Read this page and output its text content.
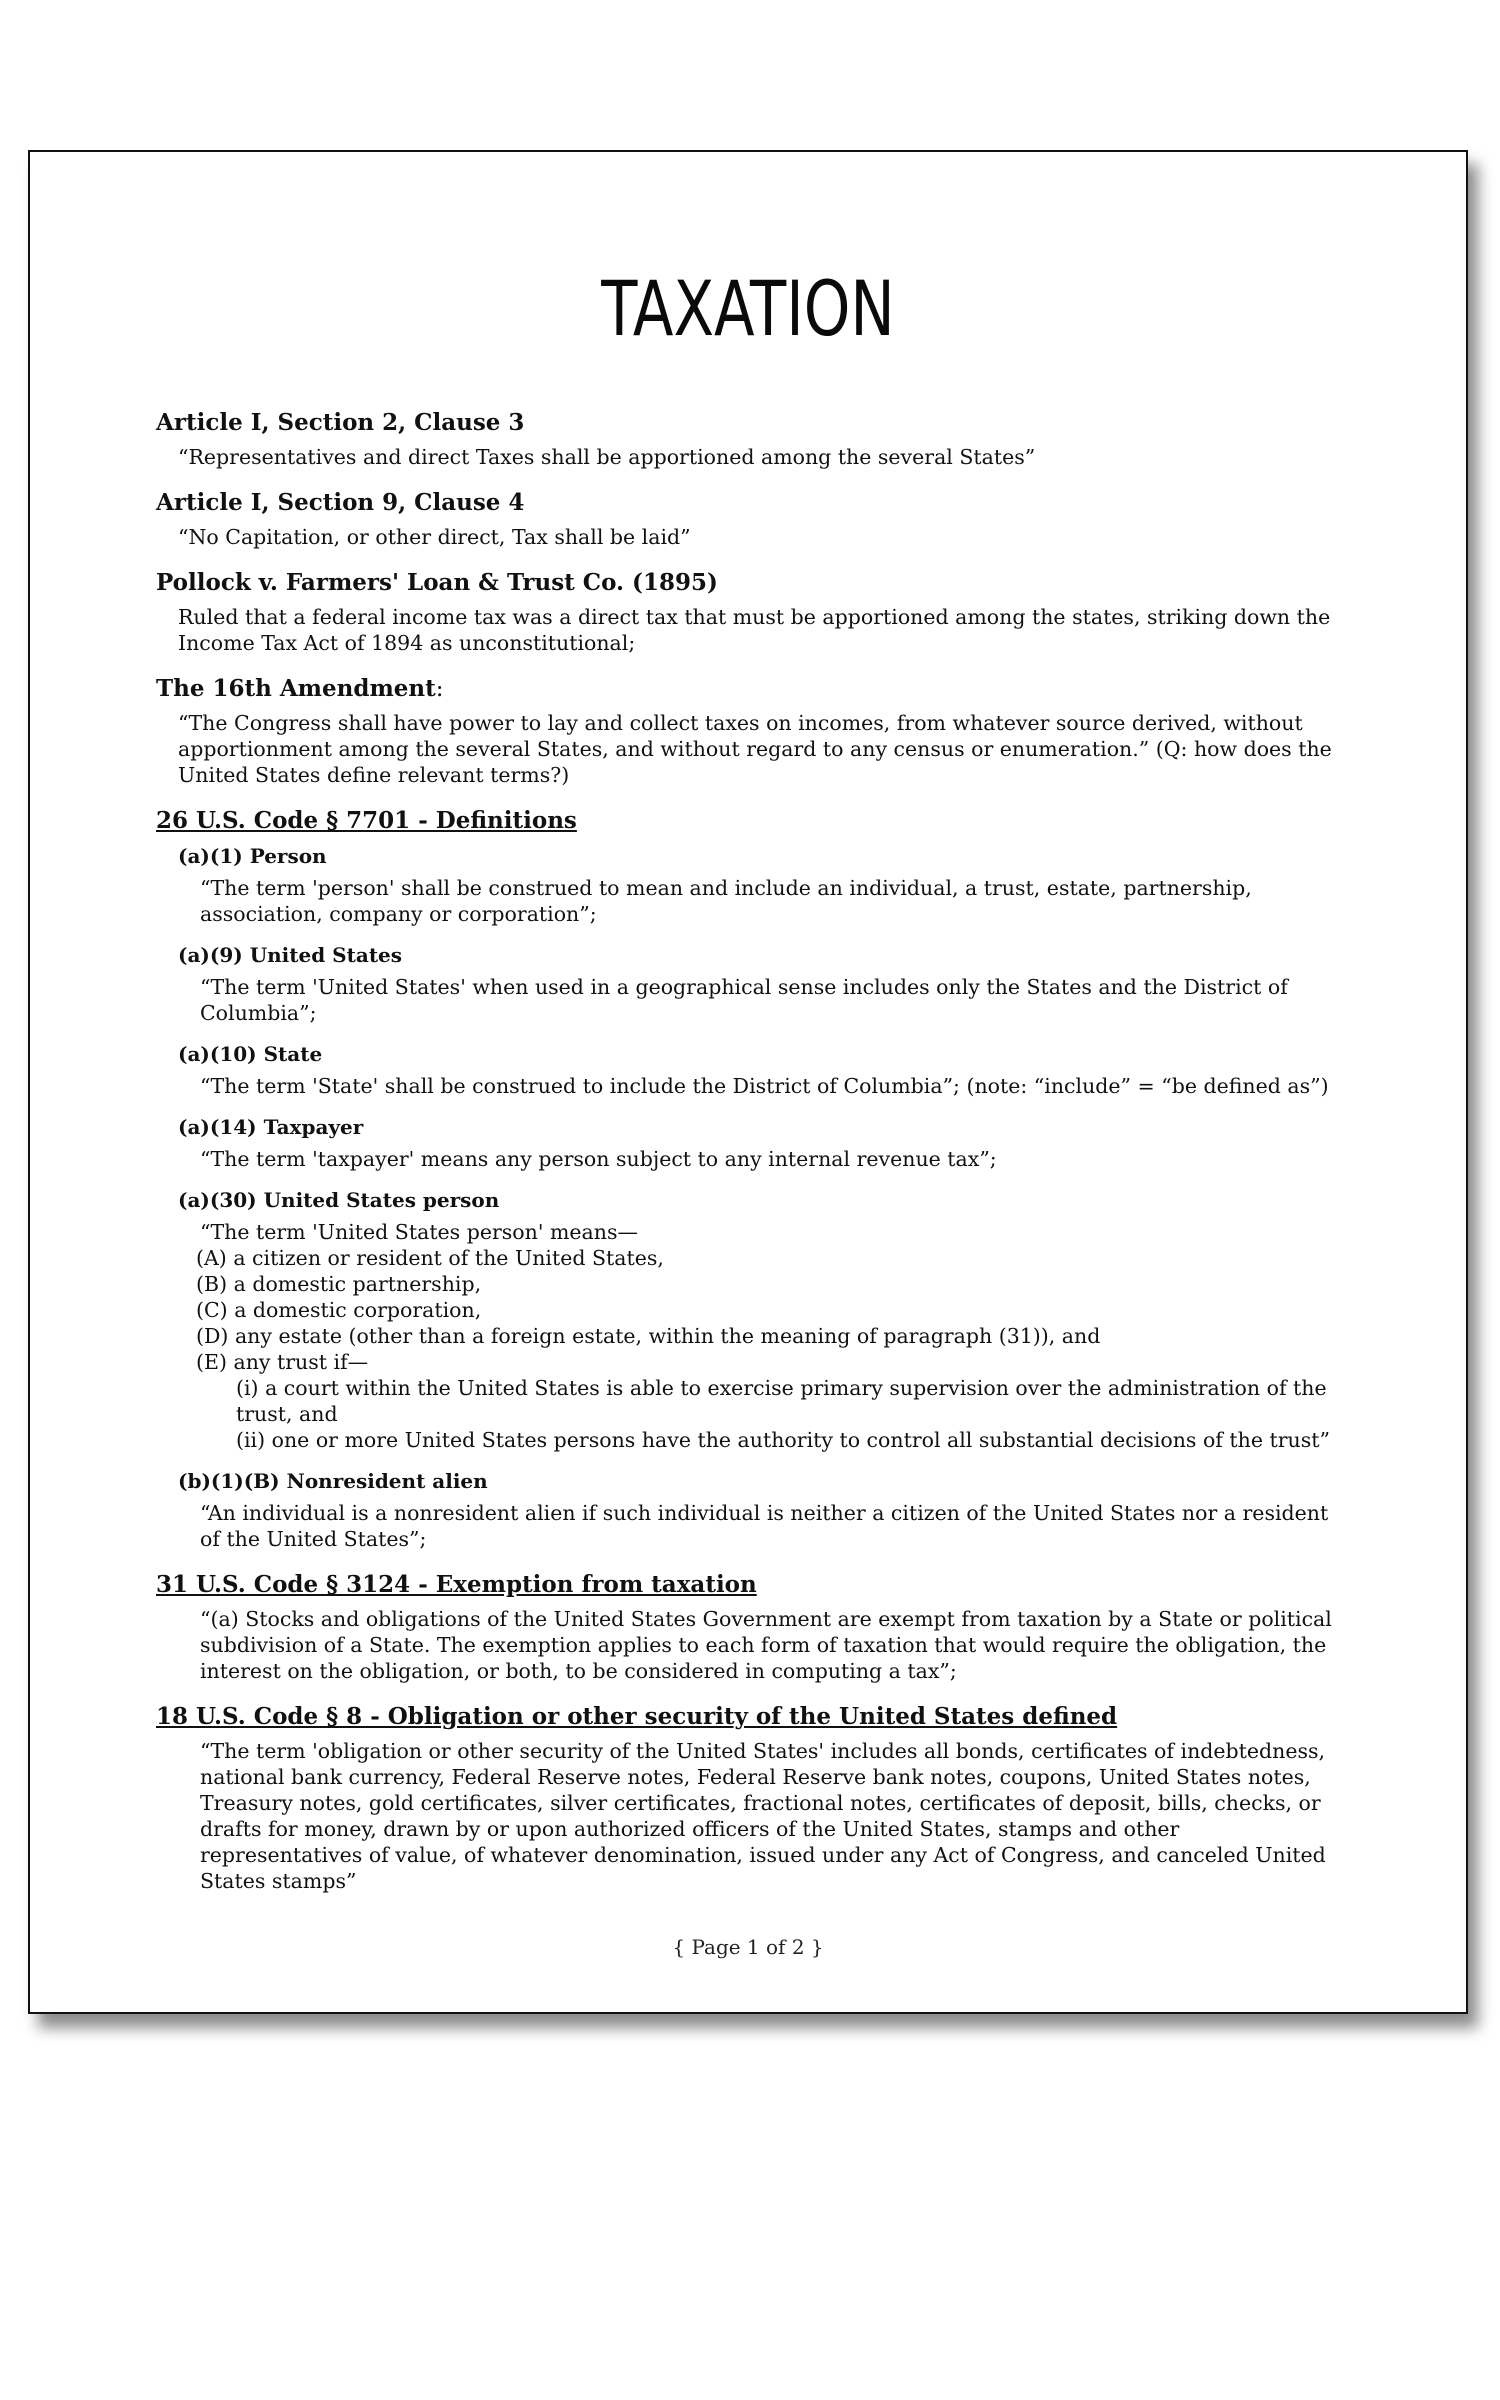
TAXATION

Article I, Section 2, Clause 3

“Representatives and direct Taxes shall be apportioned among the several States”

Article I, Section 9, Clause 4

“No Capitation, or other direct, Tax shall be laid”

Pollock v. Farmers' Loan & Trust Co. (1895)

Ruled that a federal income tax was a direct tax that must be apportioned among the states, striking down the Income Tax Act of 1894 as unconstitutional;

The 16th Amendment:

“The Congress shall have power to lay and collect taxes on incomes, from whatever source derived, without apportionment among the several States, and without regard to any census or enumeration.” (Q: how does the United States define relevant terms?)

26 U.S. Code § 7701 - Definitions

(a)(1) Person

“The term 'person' shall be construed to mean and include an individual, a trust, estate, partnership, association, company or corporation”;

(a)(9) United States

“The term 'United States' when used in a geographical sense includes only the States and the District of Columbia”;

(a)(10) State

“The term 'State' shall be construed to include the District of Columbia”; (note: “include” = “be defined as”)

(a)(14) Taxpayer

“The term 'taxpayer' means any person subject to any internal revenue tax”;

(a)(30) United States person

“The term 'United States person' means—

(A) a citizen or resident of the United States,

(B) a domestic partnership,

(C) a domestic corporation,

(D) any estate (other than a foreign estate, within the meaning of paragraph (31)), and

(E) any trust if—

(i) a court within the United States is able to exercise primary supervision over the administration of the trust, and

(ii) one or more United States persons have the authority to control all substantial decisions of the trust”

(b)(1)(B) Nonresident alien

“An individual is a nonresident alien if such individual is neither a citizen of the United States nor a resident of the United States”;

31 U.S. Code § 3124 - Exemption from taxation

“(a) Stocks and obligations of the United States Government are exempt from taxation by a State or political subdivision of a State. The exemption applies to each form of taxation that would require the obligation, the interest on the obligation, or both, to be considered in computing a tax”;

18 U.S. Code § 8 - Obligation or other security of the United States defined

“The term 'obligation or other security of the United States' includes all bonds, certificates of indebtedness, national bank currency, Federal Reserve notes, Federal Reserve bank notes, coupons, United States notes, Treasury notes, gold certificates, silver certificates, fractional notes, certificates of deposit, bills, checks, or drafts for money, drawn by or upon authorized officers of the United States, stamps and other representatives of value, of whatever denomination, issued under any Act of Congress, and canceled United States stamps”

{ Page 1 of 2 }
